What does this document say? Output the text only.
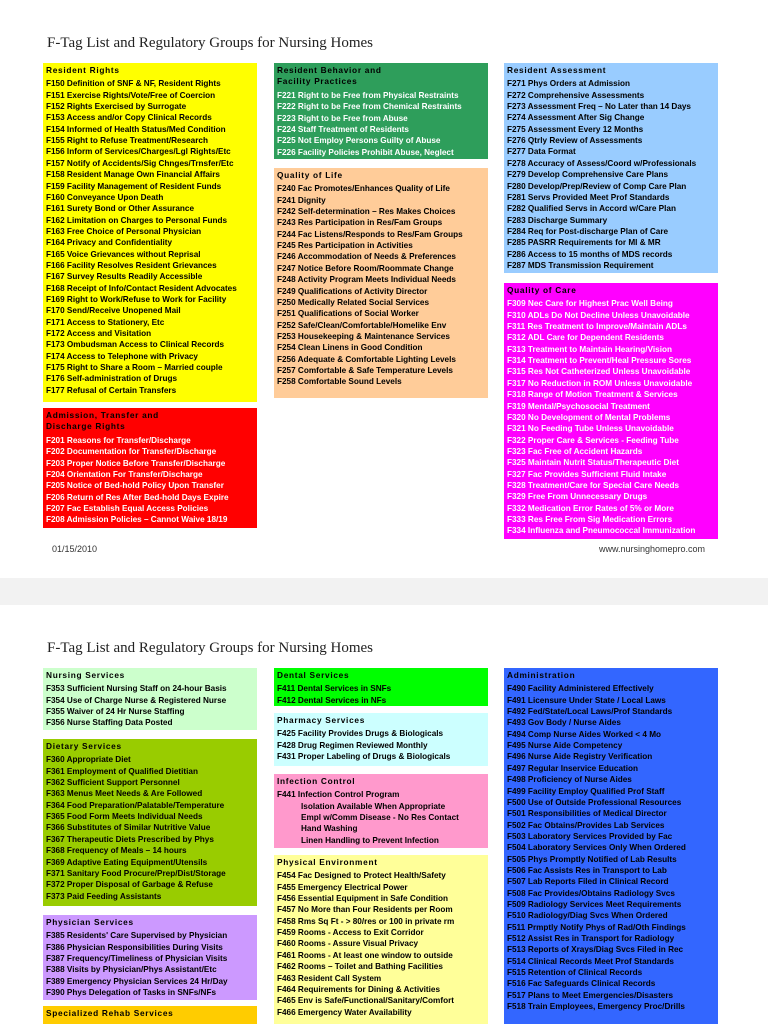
F-Tag List and Regulatory Groups for Nursing Homes
Resident Rights
F150 Definition of SNF & NF, Resident Rights
F151 Exercise Rights/Vote/Free of Coercion
F152 Rights Exercised by Surrogate
F153 Access and/or Copy Clinical Records
F154 Informed of Health Status/Med Condition
F155 Right to Refuse Treatment/Research
F156 Inform of Services/Charges/Lgl Rights/Etc
F157 Notify of Accidents/Sig Chnges/Trnsfer/Etc
F158 Resident Manage Own Financial Affairs
F159 Facility Management of Resident Funds
F160 Conveyance Upon Death
F161 Surety Bond or Other Assurance
F162 Limitation on Charges to Personal Funds
F163 Free Choice of Personal Physician
F164 Privacy and Confidentiality
F165 Voice Grievances without Reprisal
F166 Facility Resolves Resident Grievances
F167 Survey Results Readily Accessible
F168 Receipt of Info/Contact Resident Advocates
F169 Right to Work/Refuse to Work for Facility
F170 Send/Receive Unopened Mail
F171 Access to Stationery, Etc
F172 Access and Visitation
F173 Ombudsman Access to Clinical Records
F174 Access to Telephone with Privacy
F175 Right to Share a Room – Married couple
F176 Self-administration of Drugs
F177 Refusal of Certain Transfers
Admission, Transfer and
Discharge Rights
F201 Reasons for Transfer/Discharge
F202 Documentation for Transfer/Discharge
F203 Proper Notice Before Transfer/Discharge
F204 Orientation For Transfer/Discharge
F205 Notice of Bed-hold Policy Upon Transfer
F206 Return of Res After Bed-hold Days Expire
F207 Fac Establish Equal Access Policies
F208 Admission Policies – Cannot Waive 18/19
Resident Behavior and
Facility Practices
F221 Right to be Free from Physical Restraints
F222 Right to be Free from Chemical Restraints
F223 Right to be Free from Abuse
F224 Staff Treatment of Residents
F225 Not Employ Persons Guilty of Abuse
F226 Facility Policies Prohibit Abuse, Neglect
Quality of Life
F240 Fac Promotes/Enhances Quality of Life
F241 Dignity
F242 Self-determination – Res Makes Choices
F243 Res Participation in Res/Fam Groups
F244 Fac Listens/Responds to Res/Fam Groups
F245 Res Participation in Activities
F246 Accommodation of Needs & Preferences
F247 Notice Before Room/Roommate Change
F248 Activity Program Meets Individual Needs
F249 Qualifications of Activity Director
F250 Medically Related Social Services
F251 Qualifications of Social Worker
F252 Safe/Clean/Comfortable/Homelike Env
F253 Housekeeping & Maintenance Services
F254 Clean Linens in Good Condition
F256 Adequate & Comfortable Lighting Levels
F257 Comfortable & Safe Temperature Levels
F258 Comfortable Sound Levels
Resident Assessment
F271 Phys Orders at Admission
F272 Comprehensive Assessments
F273 Assessment Freq – No Later than 14 Days
F274 Assessment After Sig Change
F275 Assessment Every 12 Months
F276 Qtrly Review of Assessments
F277 Data Format
F278 Accuracy of Assess/Coord w/Professionals
F279 Develop Comprehensive Care Plans
F280 Develop/Prep/Review of Comp Care Plan
F281 Servs Provided Meet Prof Standards
F282 Qualified Servs in Accord w/Care Plan
F283 Discharge Summary
F284 Req for Post-discharge Plan of Care
F285 PASRR Requirements for MI & MR
F286 Access to 15 months of MDS records
F287 MDS Transmission Requirement
Quality of Care
F309 Nec Care for Highest Prac Well Being
F310 ADLs Do Not Decline Unless Unavoidable
F311 Res Treatment to Improve/Maintain ADLs
F312 ADL Care for Dependent Residents
F313 Treatment to Maintain Hearing/Vision
F314 Treatment to Prevent/Heal Pressure Sores
F315 Res Not Catheterized Unless Unavoidable
F317 No Reduction in ROM Unless Unavoidable
F318 Range of Motion Treatment & Services
F319 Mental/Psychosocial Treatment
F320 No Development of Mental Problems
F321 No Feeding Tube Unless Unavoidable
F322 Proper Care & Services - Feeding Tube
F323 Fac Free of Accident Hazards
F325 Maintain Nutrit Status/Therapeutic Diet
F327 Fac Provides Sufficient Fluid Intake
F328 Treatment/Care for Special Care Needs
F329 Free From Unnecessary Drugs
F332 Medication Error Rates of 5% or More
F333 Res Free From Sig Medication Errors
F334 Influenza and Pneumococcal Immunization
01/15/2010	www.nursinghomepro.com
F-Tag List and Regulatory Groups for Nursing Homes
Nursing Services
F353 Sufficient Nursing Staff on 24-hour Basis
F354 Use of Charge Nurse & Registered Nurse
F355 Waiver of 24 Hr Nurse Staffing
F356 Nurse Staffing Data Posted
Dietary Services
F360 Appropriate Diet
F361 Employment of Qualified Dietitian
F362 Sufficient Support Personnel
F363 Menus Meet Needs & Are Followed
F364 Food Preparation/Palatable/Temperature
F365 Food Form Meets Individual Needs
F366 Substitutes of Similar Nutritive Value
F367 Therapeutic Diets Prescribed by Phys
F368 Frequency of Meals – 14 hours
F369 Adaptive Eating Equipment/Utensils
F371 Sanitary Food Procure/Prep/Dist/Storage
F372 Proper Disposal of Garbage & Refuse
F373 Paid Feeding Assistants
Physician Services
F385 Residents' Care Supervised by Physician
F386 Physician Responsibilities During Visits
F387 Frequency/Timeliness of Physician Visits
F388 Visits by Physician/Phys Assistant/Etc
F389 Emergency Physician Services 24 Hr/Day
F390 Phys Delegation of Tasks in SNFs/NFs
Specialized Rehab Services
Dental Services
F411 Dental Services in SNFs
F412 Dental Services in NFs
Pharmacy Services
F425 Facility Provides Drugs & Biologicals
F428 Drug Regimen Reviewed Monthly
F431 Proper Labeling of Drugs & Biologicals
Infection Control
F441 Infection Control Program
Isolation Available When Appropriate
Empl w/Comm Disease - No Res Contact
Hand Washing
Linen Handling to Prevent Infection
Physical Environment
F454 Fac Designed to Protect Health/Safety
F455 Emergency Electrical Power
F456 Essential Equipment in Safe Condition
F457 No More than Four Residents per Room
F458 Rms Sq Ft - > 80/res or 100 in private rm
F459 Rooms - Access to Exit Corridor
F460 Rooms - Assure Visual Privacy
F461 Rooms - At least one window to outside
F462 Rooms – Toilet and Bathing Facilities
F463 Resident Call System
F464 Requirements for Dining & Activities
F465 Env is Safe/Functional/Sanitary/Comfort
F466 Emergency Water Availability
Administration
F490 Facility Administered Effectively
F491 Licensure Under State / Local Laws
F492 Fed/State/Local Laws/Prof Standards
F493 Gov Body / Nurse Aides
F494 Comp Nurse Aides Worked < 4 Mo
F495 Nurse Aide Competency
F496 Nurse Aide Registry Verification
F497 Regular Inservice Education
F498 Proficiency of Nurse Aides
F499 Facility Employ Qualified Prof Staff
F500 Use of Outside Professional Resources
F501 Responsibilities of Medical Director
F502 Fac Obtains/Provides Lab Services
F503 Laboratory Services Provided by Fac
F504 Laboratory Services Only When Ordered
F505 Phys Promptly Notified of Lab Results
F506 Fac Assists Res in Transport to Lab
F507 Lab Reports Filed in Clinical Record
F508 Fac Provides/Obtains Radiology Svcs
F509 Radiology Services Meet Requirements
F510 Radiology/Diag Svcs When Ordered
F511 Prmptly Notify Phys of Rad/Oth Findings
F512 Assist Res in Transport for Radiology
F513 Reports of Xrays/Diag Svcs Filed in Rec
F514 Clinical Records Meet Prof Standards
F515 Retention of Clinical Records
F516 Fac Safeguards Clinical Records
F517 Plans to Meet Emergencies/Disasters
F518 Train Employees, Emergency Proc/Drills
